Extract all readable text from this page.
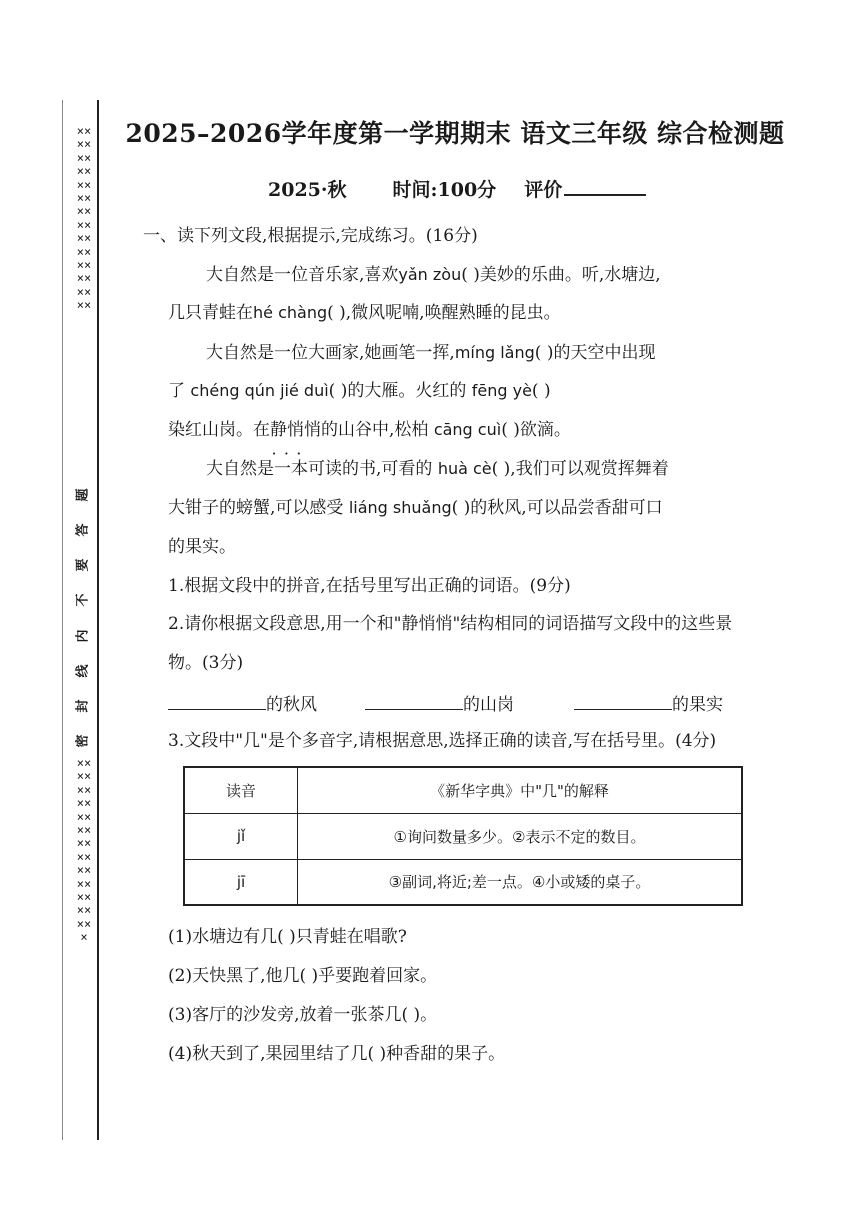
××××××××××××××××××××××××××××
题
答
要
不
内
线
封
密
×××××××××××××××××××××××××××
2025–2026学年度第一学期期末 语文三年级 综合检测题
2025·秋 时间:100分 评价
一、读下列文段,根据提示,完成练习。(16分)
大自然是一位音乐家,喜欢yǎn zòu( )美妙的乐曲。听,水塘边,
几只青蛙在hé chàng( ),微风呢喃,唤醒熟睡的昆虫。
大自然是一位大画家,她画笔一挥,míng lǎng( )的天空中出现
了 chéng qún jié duì( )的大雁。火红的 fēng yè( )
染红山岗。在静悄悄 • • •的山谷中,松柏 cāng cuì( )欲滴。
大自然是一本可读的书,可看的 huà cè( ),我们可以观赏挥舞着
大钳子的螃蟹,可以感受 liáng shuǎng( )的秋风,可以品尝香甜可口
的果实。
1.根据文段中的拼音,在括号里写出正确的词语。(9分)
2.请你根据文段意思,用一个和"静悄悄"结构相同的词语描写文段中的这些景
物。(3分)
的秋风	的山岗	的果实
3.文段中"几"是个多音字,请根据意思,选择正确的读音,写在括号里。(4分)
读音	《新华字典》中"几"的解释
jǐ	①询问数量多少。②表示不定的数目。
jī	③副词,将近;差一点。④小或矮的桌子。
(1)水塘边有几( )只青蛙在唱歌?
(2)天快黑了,他几( )乎要跑着回家。
(3)客厅的沙发旁,放着一张茶几( )。
(4)秋天到了,果园里结了几( )种香甜的果子。
